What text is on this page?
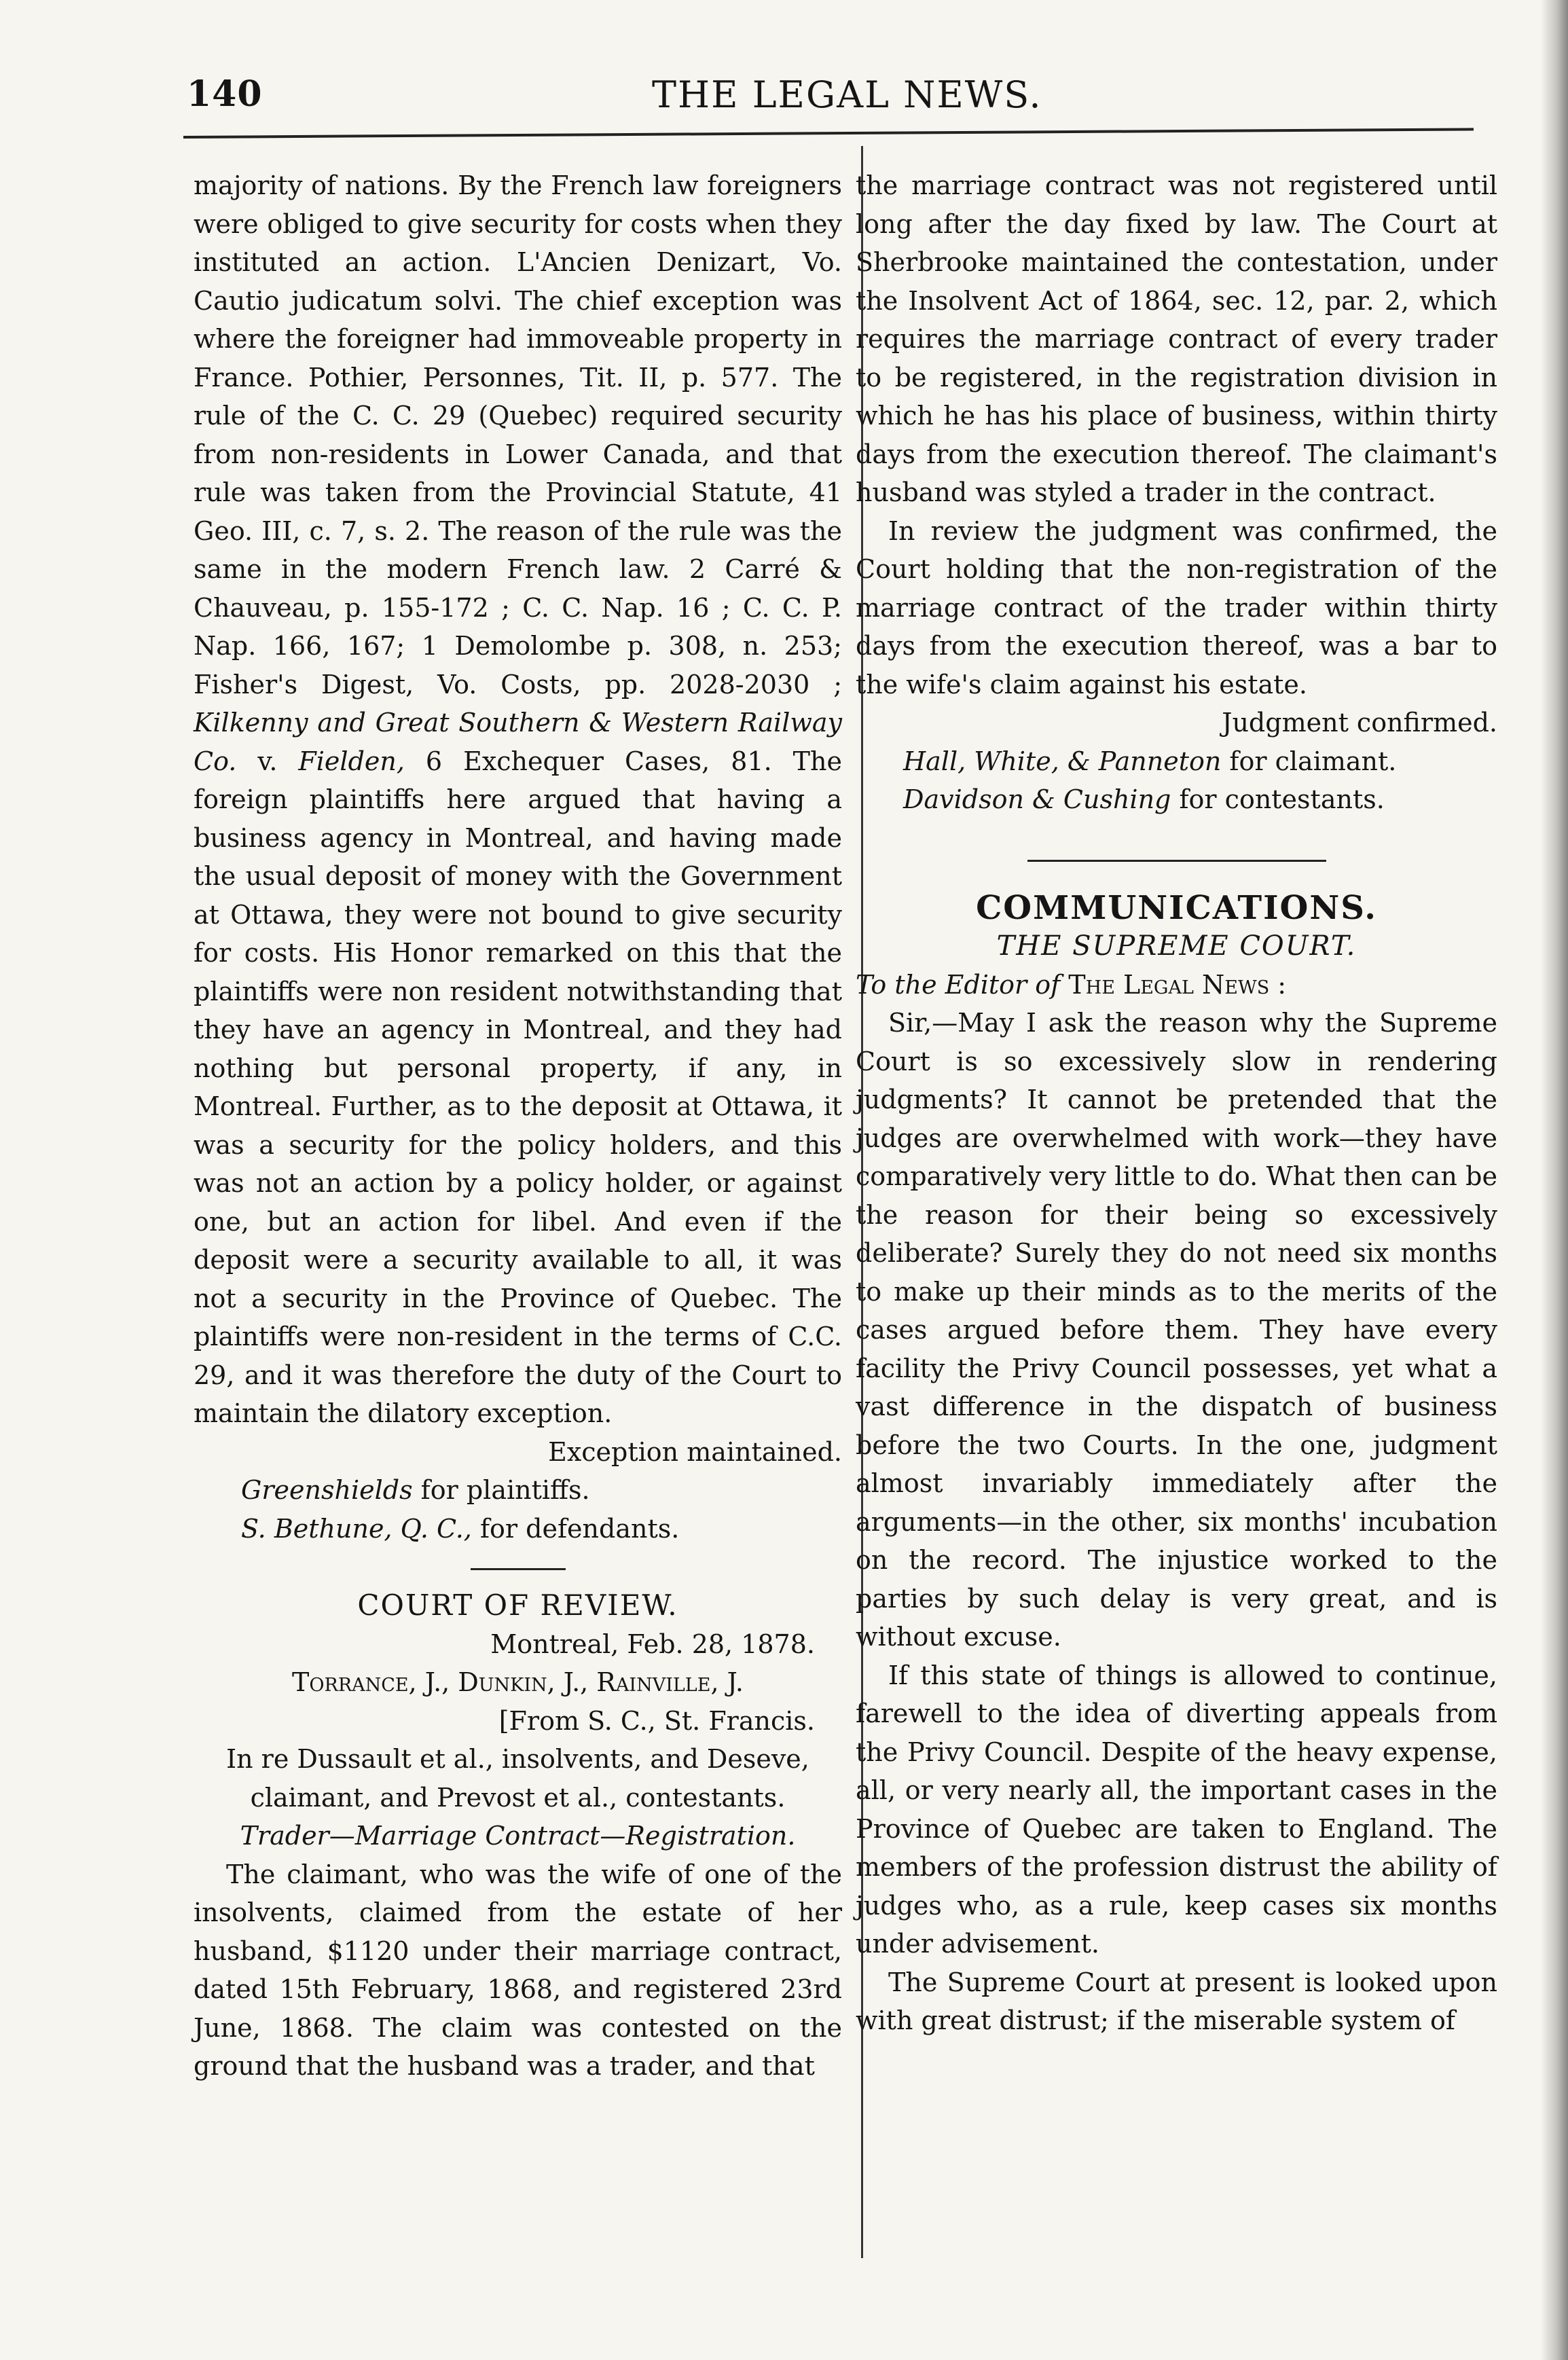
140	THE LEGAL NEWS.

majority of nations. By the French law foreigners were obliged to give security for costs when they instituted an action. L'Ancien Denizart, Vo. Cautio judicatum solvi. The chief exception was where the foreigner had immoveable property in France. Pothier, Personnes, Tit. II, p. 577. The rule of the C. C. 29 (Quebec) required security from non-residents in Lower Canada, and that rule was taken from the Provincial Statute, 41 Geo. III, c. 7, s. 2. The reason of the rule was the same in the modern French law. 2 Carré & Chauveau, p. 155-172 ; C. C. Nap. 16 ; C. C. P. Nap. 166, 167; 1 Demolombe p. 308, n. 253; Fisher's Digest, Vo. Costs, pp. 2028-2030 ; Kilkenny and Great Southern & Western Railway Co. v. Fielden, 6 Exchequer Cases, 81. The foreign plaintiffs here argued that having a business agency in Montreal, and having made the usual deposit of money with the Government at Ottawa, they were not bound to give security for costs. His Honor remarked on this that the plaintiffs were non resident notwithstanding that they have an agency in Montreal, and they had nothing but personal property, if any, in Montreal. Further, as to the deposit at Ottawa, it was a security for the policy holders, and this was not an action by a policy holder, or against one, but an action for libel. And even if the deposit were a security available to all, it was not a security in the Province of Quebec. The plaintiffs were non-resident in the terms of C.C. 29, and it was therefore the duty of the Court to maintain the dilatory exception.

Exception maintained.

Greenshields for plaintiffs.

S. Bethune, Q. C., for defendants.

COURT OF REVIEW.

Montreal, Feb. 28, 1878.

Torrance, J., Dunkin, J., Rainville, J.

[From S. C., St. Francis.

In re Dussault et al., insolvents, and Deseve, claimant, and Prevost et al., contestants.

Trader—Marriage Contract—Registration.

The claimant, who was the wife of one of the insolvents, claimed from the estate of her husband, $1120 under their marriage contract, dated 15th February, 1868, and registered 23rd June, 1868. The claim was contested on the ground that the husband was a trader, and that

the marriage contract was not registered until long after the day fixed by law. The Court at Sherbrooke maintained the contestation, under the Insolvent Act of 1864, sec. 12, par. 2, which requires the marriage contract of every trader to be registered, in the registration division in which he has his place of business, within thirty days from the execution thereof. The claimant's husband was styled a trader in the contract.

In review the judgment was confirmed, the Court holding that the non-registration of the marriage contract of the trader within thirty days from the execution thereof, was a bar to the wife's claim against his estate.

Judgment confirmed.

Hall, White, & Panneton for claimant.

Davidson & Cushing for contestants.

COMMUNICATIONS.

THE SUPREME COURT.

To the Editor of The Legal News :

Sir,—May I ask the reason why the Supreme Court is so excessively slow in rendering judgments? It cannot be pretended that the judges are overwhelmed with work—they have comparatively very little to do. What then can be the reason for their being so excessively deliberate? Surely they do not need six months to make up their minds as to the merits of the cases argued before them. They have every facility the Privy Council possesses, yet what a vast difference in the dispatch of business before the two Courts. In the one, judgment almost invariably immediately after the arguments—in the other, six months' incubation on the record. The injustice worked to the parties by such delay is very great, and is without excuse.

If this state of things is allowed to continue, farewell to the idea of diverting appeals from the Privy Council. Despite of the heavy expense, all, or very nearly all, the important cases in the Province of Quebec are taken to England. The members of the profession distrust the ability of judges who, as a rule, keep cases six months under advisement.

The Supreme Court at present is looked upon with great distrust; if the miserable system of
